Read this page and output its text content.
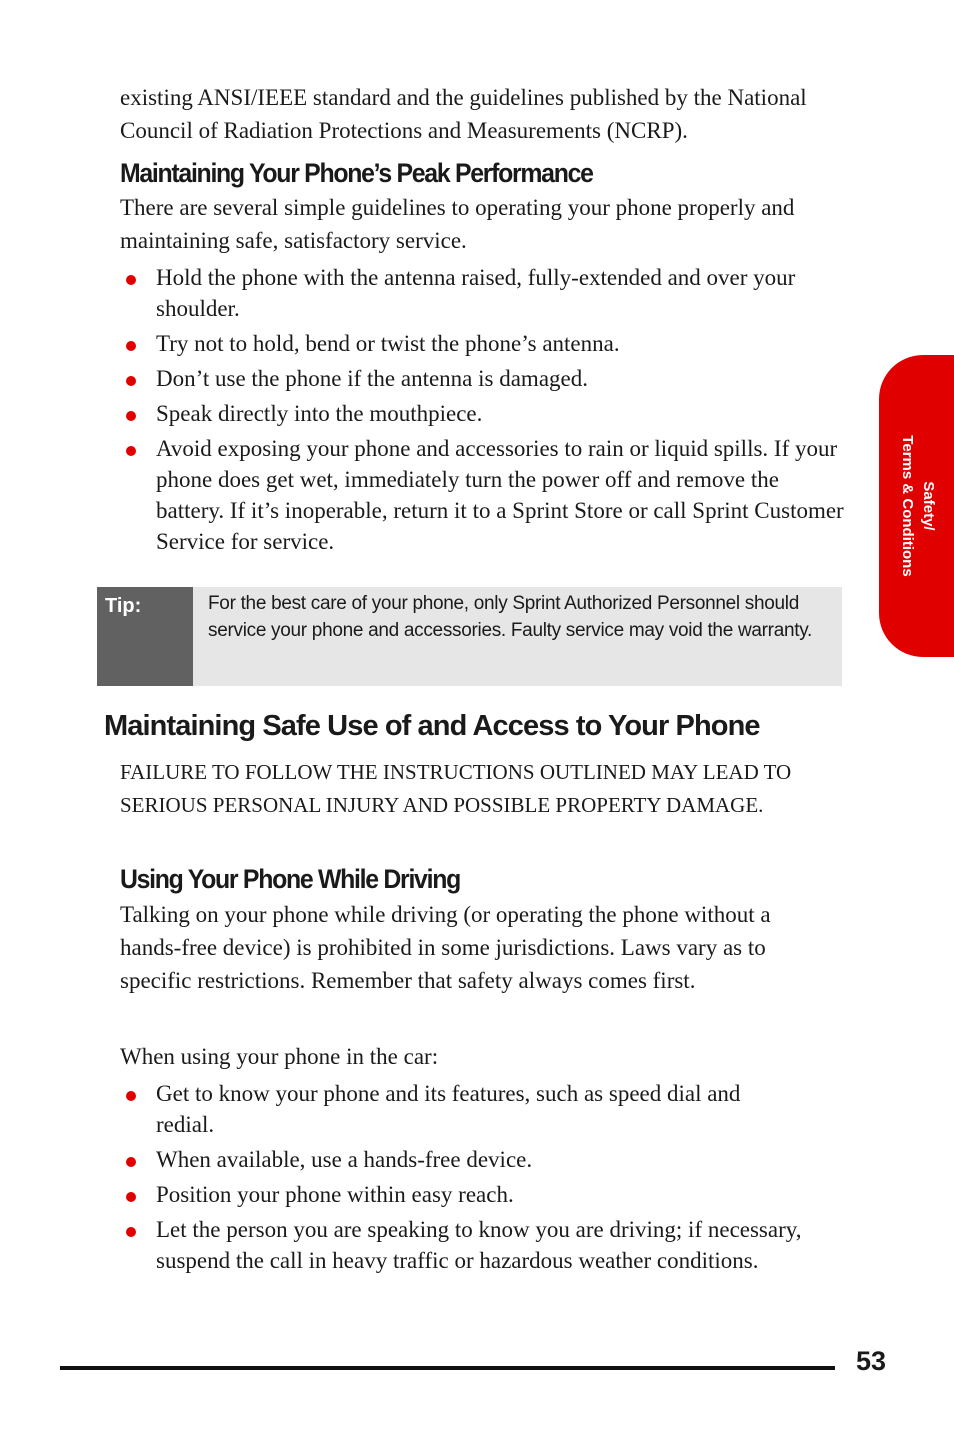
existing ANSI/IEEE standard and the guidelines published by the National Council of Radiation Protections and Measurements (NCRP).

Maintaining Your Phone’s Peak Performance

There are several simple guidelines to operating your phone properly and maintaining safe, satisfactory service.

Hold the phone with the antenna raised, fully-extended and over your shoulder.
Try not to hold, bend or twist the phone’s antenna.
Don’t use the phone if the antenna is damaged.
Speak directly into the mouthpiece.
Avoid exposing your phone and accessories to rain or liquid spills. If your phone does get wet, immediately turn the power off and remove the battery. If it’s inoperable, return it to a Sprint Store or call Sprint Customer Service for service.
Tip:	For the best care of your phone, only Sprint Authorized Personnel should service your phone and accessories. Faulty service may void the warranty.
Maintaining Safe Use of and Access to Your Phone

FAILURE TO FOLLOW THE INSTRUCTIONS OUTLINED MAY LEAD TO SERIOUS PERSONAL INJURY AND POSSIBLE PROPERTY DAMAGE.

Using Your Phone While Driving

Talking on your phone while driving (or operating the phone without a hands-free device) is prohibited in some jurisdictions. Laws vary as to specific restrictions. Remember that safety always comes first.

When using your phone in the car:

Get to know your phone and its features, such as speed dial and redial.
When available, use a hands-free device.
Position your phone within easy reach.
Let the person you are speaking to know you are driving; if necessary, suspend the call in heavy traffic or hazardous weather conditions.
Safety/
Terms & Conditions
53
